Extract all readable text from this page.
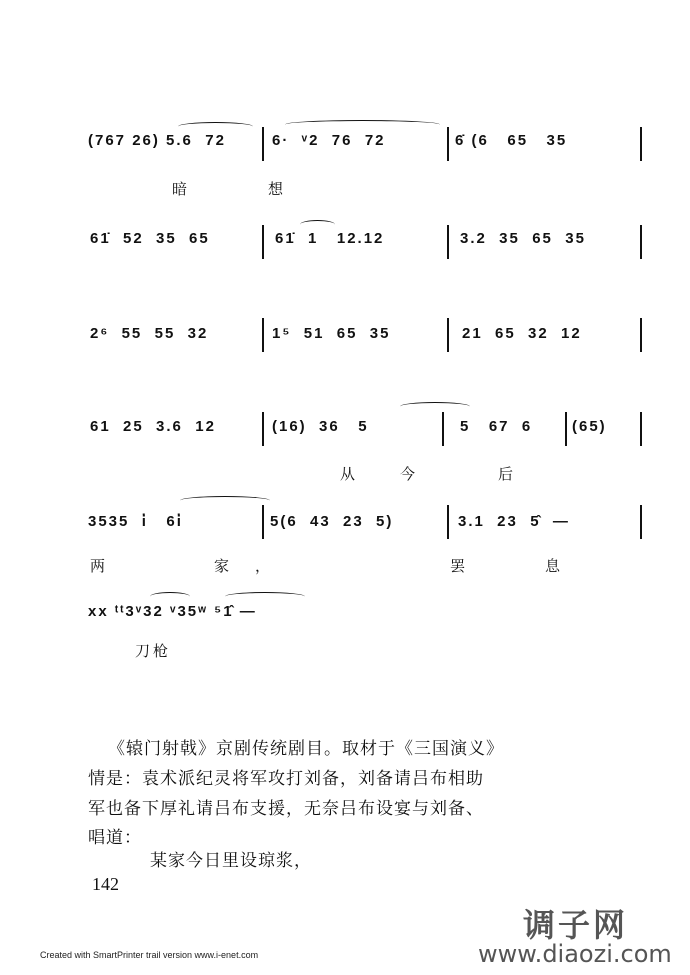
(767 26) 5.6  72	6·  ᵛ2  76  72	6̇ (6   65   35
暗	想
61̇  52  35  65	61̇  1   12.12	3.2  35  65  35
2⁶  55  55  32	1⁵  51  65  35	21  65  32  12
61  25  3.6  12	(16)  36   5	5   67  6	(65)
从	今	后
3535  i̇   6i̇	5(6  43  23  5)	3.1  23  5̂  —
两	家 ，	罢	息
xx ᵗᵗ3ᵛ32 ᵛ35ʷ ⁵1̂ —
刀枪
《辕门射戟》京剧传统剧目。取材于《三国演义》
情是：袁术派纪灵将军攻打刘备，刘备请吕布相助
军也备下厚礼请吕布支援，无奈吕布设宴与刘备、
唱道：
某家今日里设琼浆，
142
Created with SmartPrinter trail version www.i-enet.com
调子网
www.diaozi.com
